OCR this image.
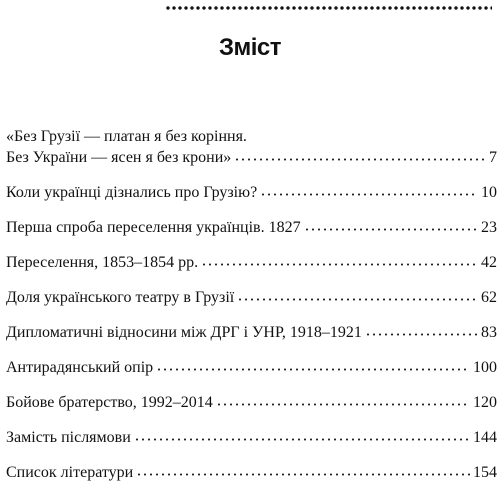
Зміст
«Без Грузії — платан я без коріння.
Без України — ясен я без крони»	7
Коли українці дізнались про Грузію?	10
Перша спроба переселення українців. 1827	23
Переселення, 1853–1854 рр.	42
Доля українського театру в Грузії	62
Дипломатичні відносини між ДРГ і УНР, 1918–1921	83
Антирадянський опір	100
Бойове братерство, 1992–2014	120
Замість післямови	144
Список літератури	154
